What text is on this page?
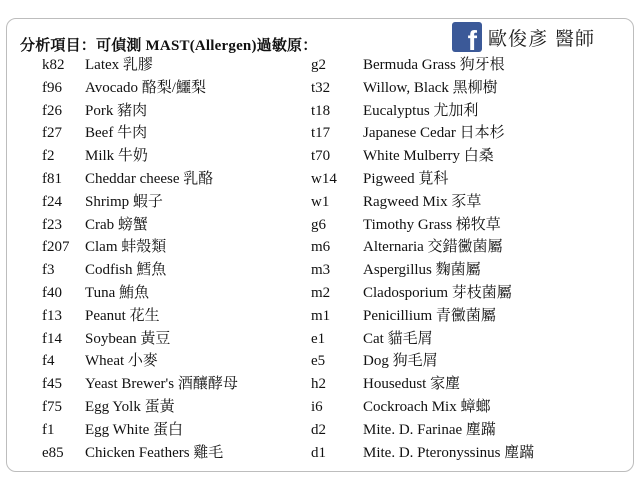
分析項目：可偵測 MAST(Allergen)過敏原：	f 歐俊彥 醫師
k82	Latex 乳膠
f96	Avocado 酪梨/鱷梨
f26	Pork 豬肉
f27	Beef 牛肉
f2	Milk 牛奶
f81	Cheddar cheese 乳酪
f24	Shrimp 蝦子
f23	Crab 螃蟹
f207	Clam 蚌殼類
f3	Codfish 鱈魚
f40	Tuna 鮪魚
f13	Peanut 花生
f14	Soybean 黃豆
f4	Wheat 小麥
f45	Yeast Brewer's 酒釀酵母
f75	Egg Yolk 蛋黃
f1	Egg White 蛋白
e85	Chicken Feathers 雞毛
g2	Bermuda Grass 狗牙根
t32	Willow, Black 黑柳樹
t18	Eucalyptus 尤加利
t17	Japanese Cedar 日本杉
t70	White Mulberry 白桑
w14	Pigweed 莧科
w1	Ragweed Mix 豕草
g6	Timothy Grass 梯牧草
m6	Alternaria 交錯黴菌屬
m3	Aspergillus 麴菌屬
m2	Cladosporium 芽枝菌屬
m1	Penicillium 青黴菌屬
e1	Cat 貓毛屑
e5	Dog 狗毛屑
h2	Housedust 家塵
i6	Cockroach Mix 蟑螂
d2	Mite. D. Farinae 塵蹣
d1	Mite. D. Pteronyssinus 塵蹣
